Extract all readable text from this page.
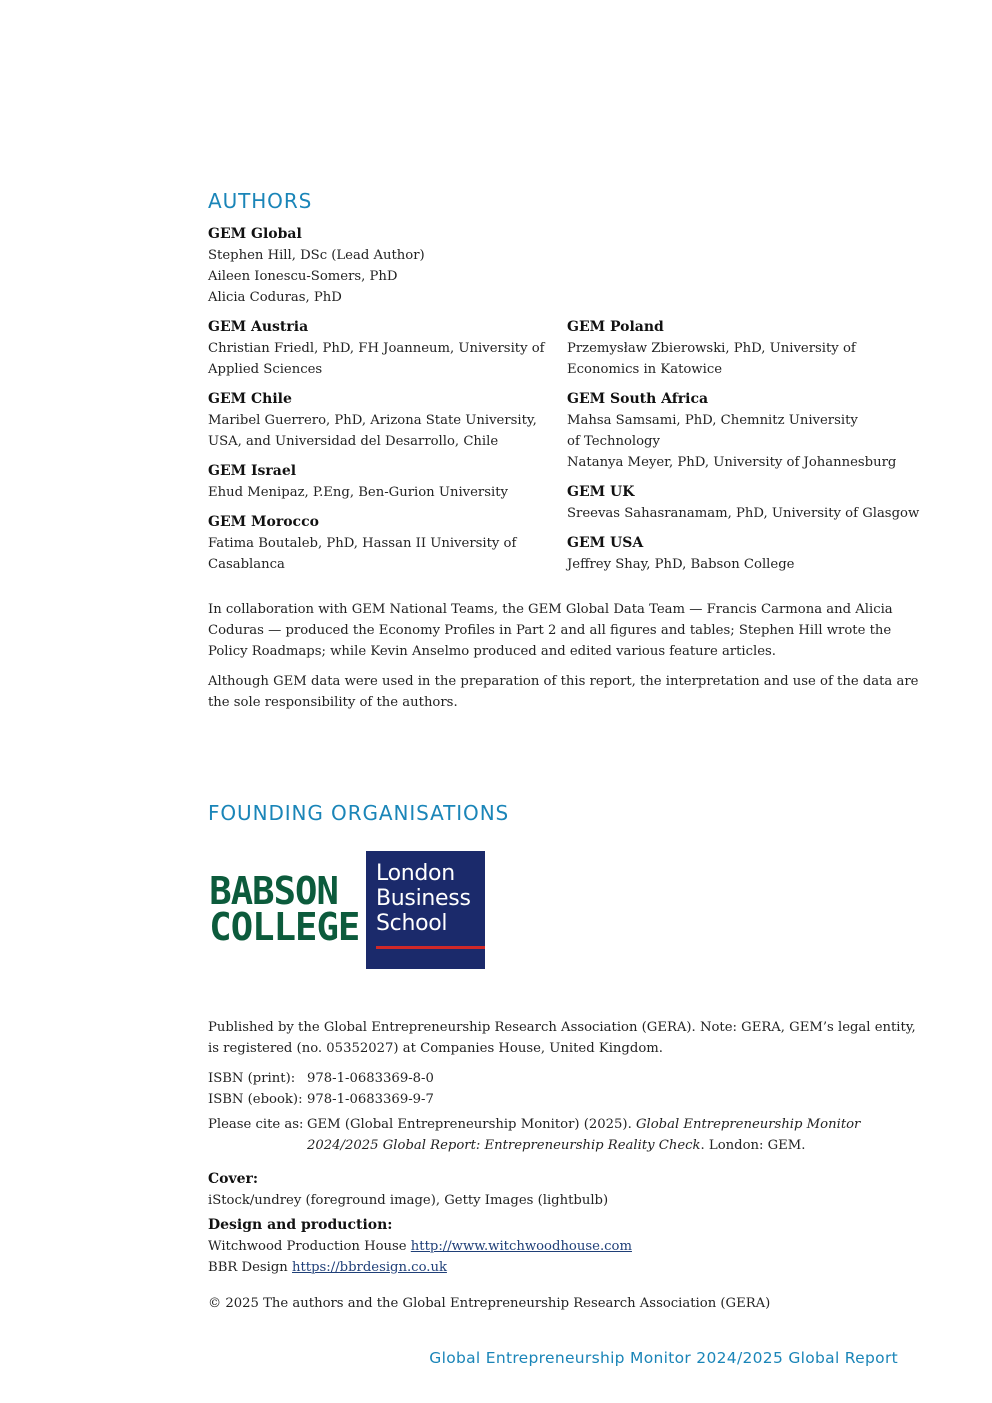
AUTHORS
GEM Global
Stephen Hill, DSc (Lead Author)
Aileen Ionescu-Somers, PhD
Alicia Coduras, PhD
GEM Austria
Christian Friedl, PhD, FH Joanneum, University of
Applied Sciences
GEM Chile
Maribel Guerrero, PhD, Arizona State University,
USA, and Universidad del Desarrollo, Chile
GEM Israel
Ehud Menipaz, P.Eng, Ben-Gurion University
GEM Morocco
Fatima Boutaleb, PhD, Hassan II University of
Casablanca
GEM Poland
Przemysław Zbierowski, PhD, University of
Economics in Katowice
GEM South Africa
Mahsa Samsami, PhD, Chemnitz University
of Technology
Natanya Meyer, PhD, University of Johannesburg
GEM UK
Sreevas Sahasranamam, PhD, University of Glasgow
GEM USA
Jeffrey Shay, PhD, Babson College
In collaboration with GEM National Teams, the GEM Global Data Team — Francis Carmona and Alicia
Coduras — produced the Economy Profiles in Part 2 and all figures and tables; Stephen Hill wrote the
Policy Roadmaps; while Kevin Anselmo produced and edited various feature articles.
Although GEM data were used in the preparation of this report, the interpretation and use of the data are
the sole responsibility of the authors.
FOUNDING ORGANISATIONS
BABSON
COLLEGE
London
Business
School
Published by the Global Entrepreneurship Research Association (GERA). Note: GERA, GEM’s legal entity,
is registered (no. 05352027) at Companies House, United Kingdom.
ISBN (print): 978-1-0683369-8-0
ISBN (ebook): 978-1-0683369-9-7
Please cite as: GEM (Global Entrepreneurship Monitor) (2025). Global Entrepreneurship Monitor
2024/2025 Global Report: Entrepreneurship Reality Check. London: GEM.
Cover:
iStock/undrey (foreground image), Getty Images (lightbulb)
Design and production:
Witchwood Production House http://www.witchwoodhouse.com
BBR Design https://bbrdesign.co.uk
© 2025 The authors and the Global Entrepreneurship Research Association (GERA)
Global Entrepreneurship Monitor 2024/2025 Global Report
